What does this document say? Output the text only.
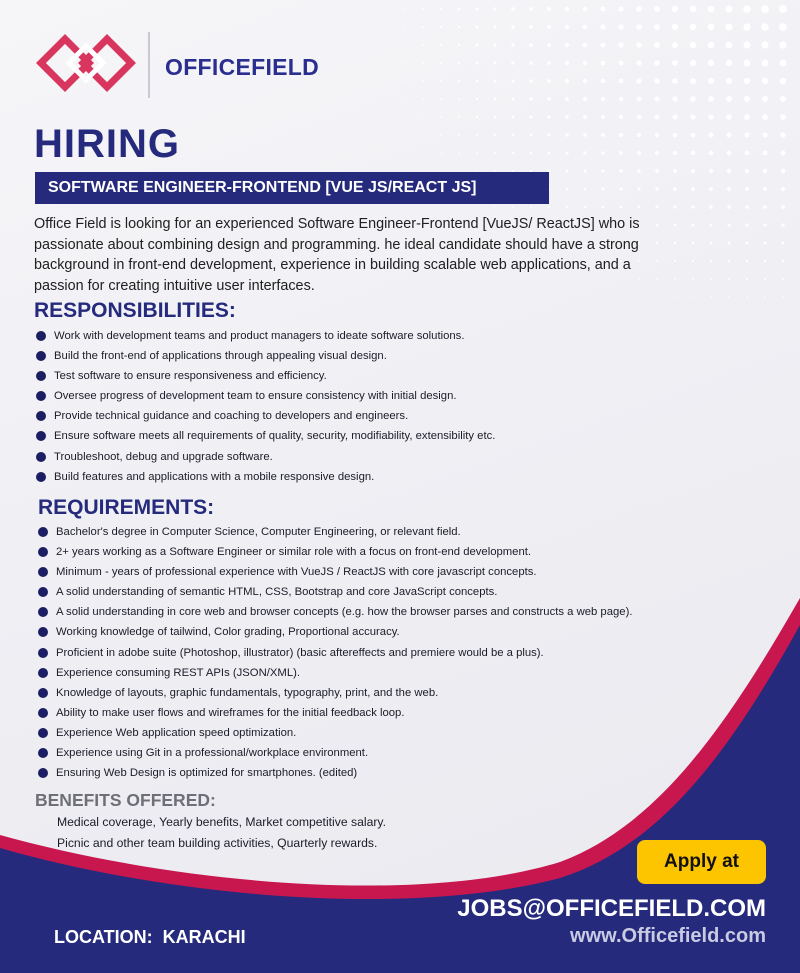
OFFICEFIELD
HIRING
SOFTWARE ENGINEER-FRONTEND [VUE JS/REACT JS]

Office Field is looking for an experienced Software Engineer-Frontend [VueJS/ ReactJS] who is passionate about combining design and programming. he ideal candidate should have a strong background in front-end development, experience in building scalable web applications, and a passion for creating intuitive user interfaces.

RESPONSIBILITIES:
Work with development teams and product managers to ideate software solutions.
Build the front-end of applications through appealing visual design.
Test software to ensure responsiveness and efficiency.
Oversee progress of development team to ensure consistency with initial design.
Provide technical guidance and coaching to developers and engineers.
Ensure software meets all requirements of quality, security, modifiability, extensibility etc.
Troubleshoot, debug and upgrade software.
Build features and applications with a mobile responsive design.
REQUIREMENTS:
Bachelor's degree in Computer Science, Computer Engineering, or relevant field.
2+ years working as a Software Engineer or similar role with a focus on front-end development.
Minimum - years of professional experience with VueJS / ReactJS with core javascript concepts.
A solid understanding of semantic HTML, CSS, Bootstrap and core JavaScript concepts.
A solid understanding in core web and browser concepts (e.g. how the browser parses and constructs a web page).
Working knowledge of tailwind, Color grading, Proportional accuracy.
Proficient in adobe suite (Photoshop, illustrator) (basic aftereffects and premiere would be a plus).
Experience consuming REST APIs (JSON/XML).
Knowledge of layouts, graphic fundamentals, typography, print, and the web.
Ability to make user flows and wireframes for the initial feedback loop.
Experience Web application speed optimization.
Experience using Git in a professional/workplace environment.
Ensuring Web Design is optimized for smartphones. (edited)
BENEFITS OFFERED:
Medical coverage, Yearly benefits, Market competitive salary.
Picnic and other team building activities, Quarterly rewards.
Apply at
JOBS@OFFICEFIELD.COM
www.Officefield.com
LOCATION: KARACHI
